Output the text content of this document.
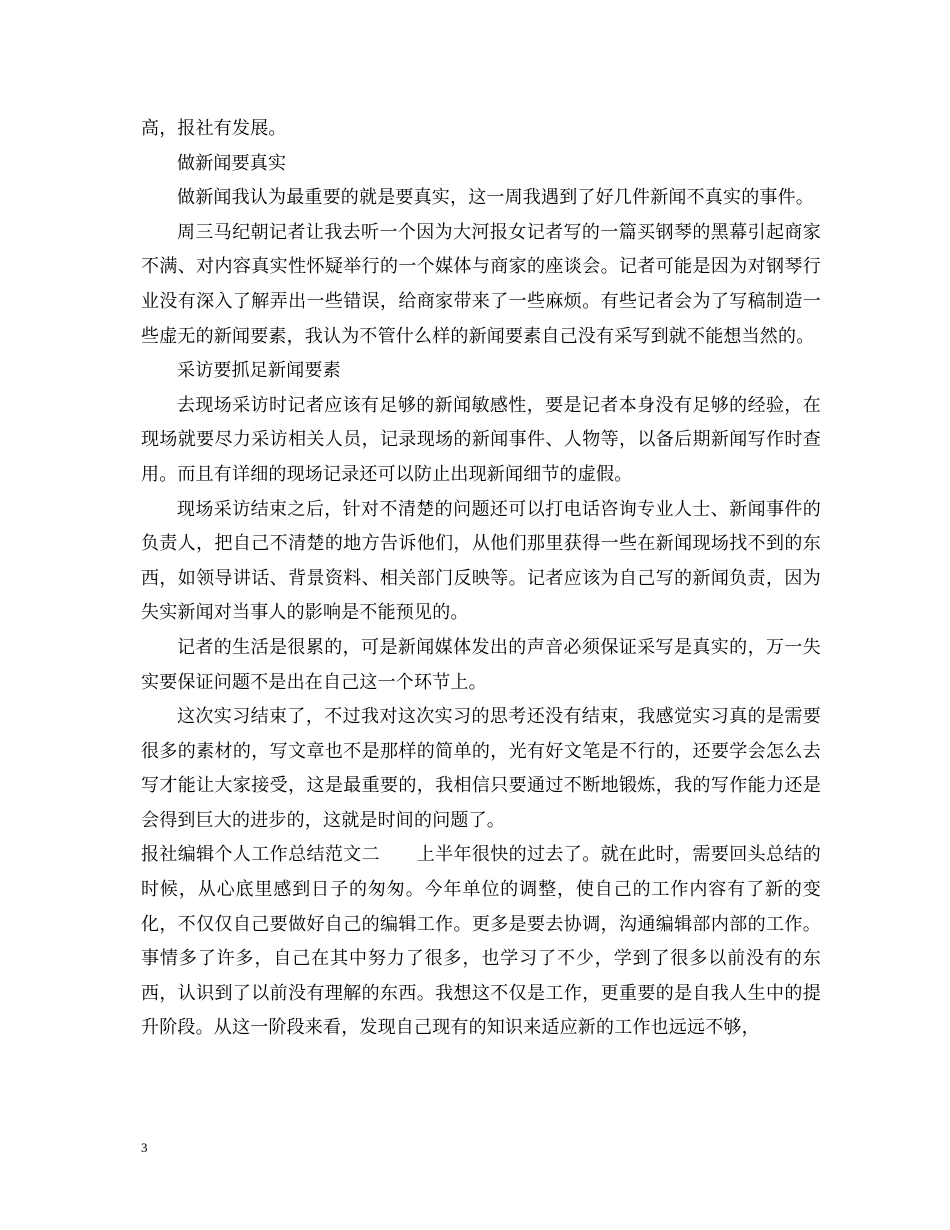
高，报社有发展。

做新闻要真实

做新闻我认为最重要的就是要真实，这一周我遇到了好几件新闻不真实的事件。

周三马纪朝记者让我去听一个因为大河报女记者写的一篇买钢琴的黑幕引起商家不满、对内容真实性怀疑举行的一个媒体与商家的座谈会。记者可能是因为对钢琴行业没有深入了解弄出一些错误，给商家带来了一些麻烦。有些记者会为了写稿制造一些虚无的新闻要素，我认为不管什么样的新闻要素自己没有采写到就不能想当然的。

采访要抓足新闻要素

去现场采访时记者应该有足够的新闻敏感性，要是记者本身没有足够的经验，在现场就要尽力采访相关人员，记录现场的新闻事件、人物等，以备后期新闻写作时查用。而且有详细的现场记录还可以防止出现新闻细节的虚假。

现场采访结束之后，针对不清楚的问题还可以打电话咨询专业人士、新闻事件的负责人，把自己不清楚的地方告诉他们，从他们那里获得一些在新闻现场找不到的东西，如领导讲话、背景资料、相关部门反映等。记者应该为自己写的新闻负责，因为失实新闻对当事人的影响是不能预见的。

记者的生活是很累的，可是新闻媒体发出的声音必须保证采写是真实的，万一失实要保证问题不是出在自己这一个环节上。

这次实习结束了，不过我对这次实习的思考还没有结束，我感觉实习真的是需要很多的素材的，写文章也不是那样的简单的，光有好文笔是不行的，还要学会怎么去写才能让大家接受，这是最重要的，我相信只要通过不断地锻炼，我的写作能力还是会得到巨大的进步的，这就是时间的问题了。

报社编辑个人工作总结范文二　　上半年很快的过去了。就在此时，需要回头总结的时候，从心底里感到日子的匆匆。今年单位的调整，使自己的工作内容有了新的变化，不仅仅自己要做好自己的编辑工作。更多是要去协调，沟通编辑部内部的工作。事情多了许多，自己在其中努力了很多，也学习了不少，学到了很多以前没有的东西，认识到了以前没有理解的东西。我想这不仅是工作，更重要的是自我人生中的提升阶段。从这一阶段来看，发现自己现有的知识来适应新的工作也远远不够，

3
